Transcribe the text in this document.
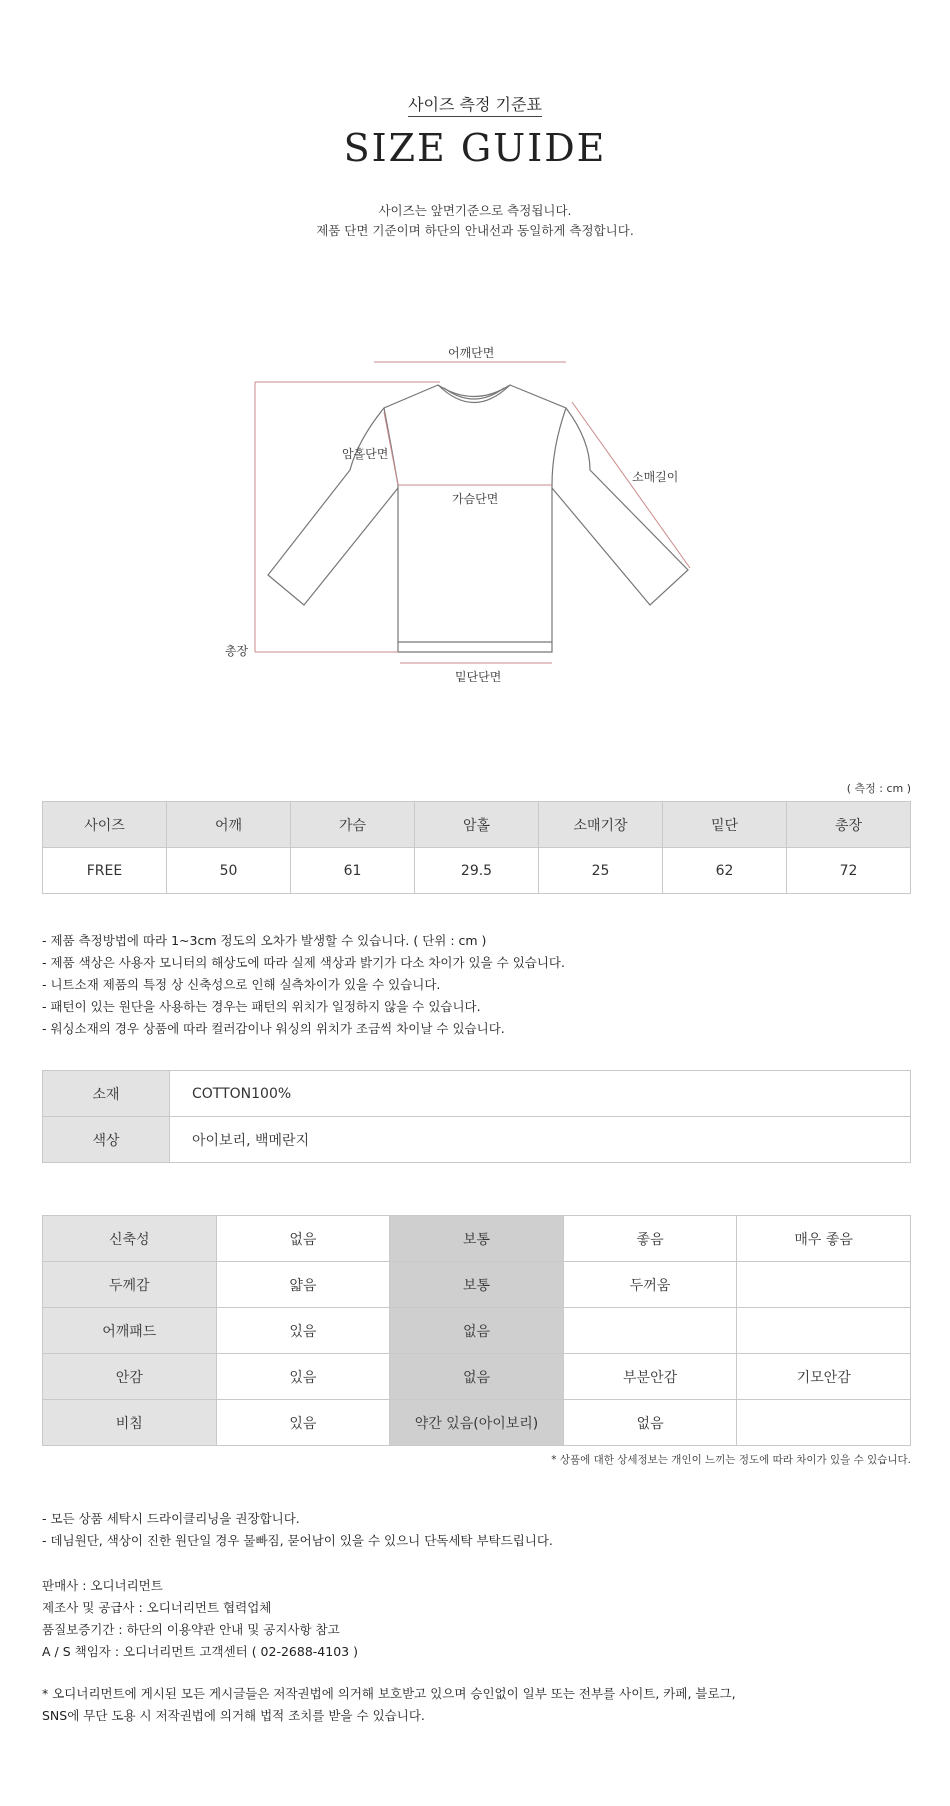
사이즈 측정 기준표
SIZE GUIDE
사이즈는 앞면기준으로 측정됩니다.
제품 단면 기준이며 하단의 안내선과 동일하게 측정합니다.
어깨단면
암홀단면
소매길이
가슴단면
총장
밑단단면
( 측정 : cm )
사이즈	어깨	가슴	암홀	소매기장	밑단	총장
FREE	50	61	29.5	25	62	72
- 제품 측정방법에 따라 1~3cm 정도의 오차가 발생할 수 있습니다. ( 단위 : cm )
- 제품 색상은 사용자 모니터의 해상도에 따라 실제 색상과 밝기가 다소 차이가 있을 수 있습니다.
- 니트소재 제품의 특정 상 신축성으로 인해 실측차이가 있을 수 있습니다.
- 패턴이 있는 원단을 사용하는 경우는 패턴의 위치가 일정하지 않을 수 있습니다.
- 워싱소재의 경우 상품에 따라 컬러감이나 워싱의 위치가 조금씩 차이날 수 있습니다.
소재	COTTON100%
색상	아이보리, 백메란지
신축성	없음	보통	좋음	매우 좋음
두께감	얇음	보통	두꺼움	
어깨패드	있음	없음		
안감	있음	없음	부분안감	기모안감
비침	있음	약간 있음(아이보리)	없음	
* 상품에 대한 상세정보는 개인이 느끼는 정도에 따라 차이가 있을 수 있습니다.
- 모든 상품 세탁시 드라이클리닝을 권장합니다.
- 데님원단, 색상이 진한 원단일 경우 물빠짐, 묻어남이 있을 수 있으니 단독세탁 부탁드립니다.
판매사 : 오디너리먼트
제조사 및 공급사 : 오디너리먼트 협력업체
품질보증기간 : 하단의 이용약관 안내 및 공지사항 참고
A / S 책임자 : 오디너리먼트 고객센터 ( 02-2688-4103 )
* 오디너리먼트에 게시된 모든 게시글들은 저작권법에 의거해 보호받고 있으며 승인없이 일부 또는 전부를 사이트, 카페, 블로그,
SNS에 무단 도용 시 저작권법에 의거해 법적 조치를 받을 수 있습니다.
